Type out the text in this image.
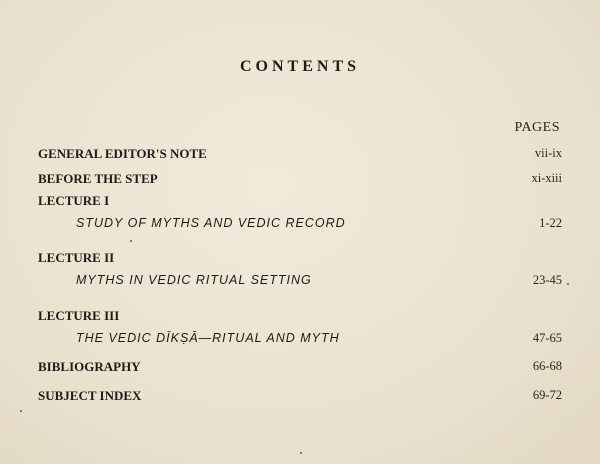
CONTENTS
PAGES
GENERAL EDITOR'S NOTE	vii-ix
BEFORE THE STEP	xi-xiii
LECTURE I
STUDY OF MYTHS AND VEDIC RECORD	1-22
LECTURE II
MYTHS IN VEDIC RITUAL SETTING	23-45
LECTURE III
THE VEDIC DĪKṢĀ—RITUAL AND MYTH	47-65
BIBLIOGRAPHY	66-68
SUBJECT INDEX	69-72
